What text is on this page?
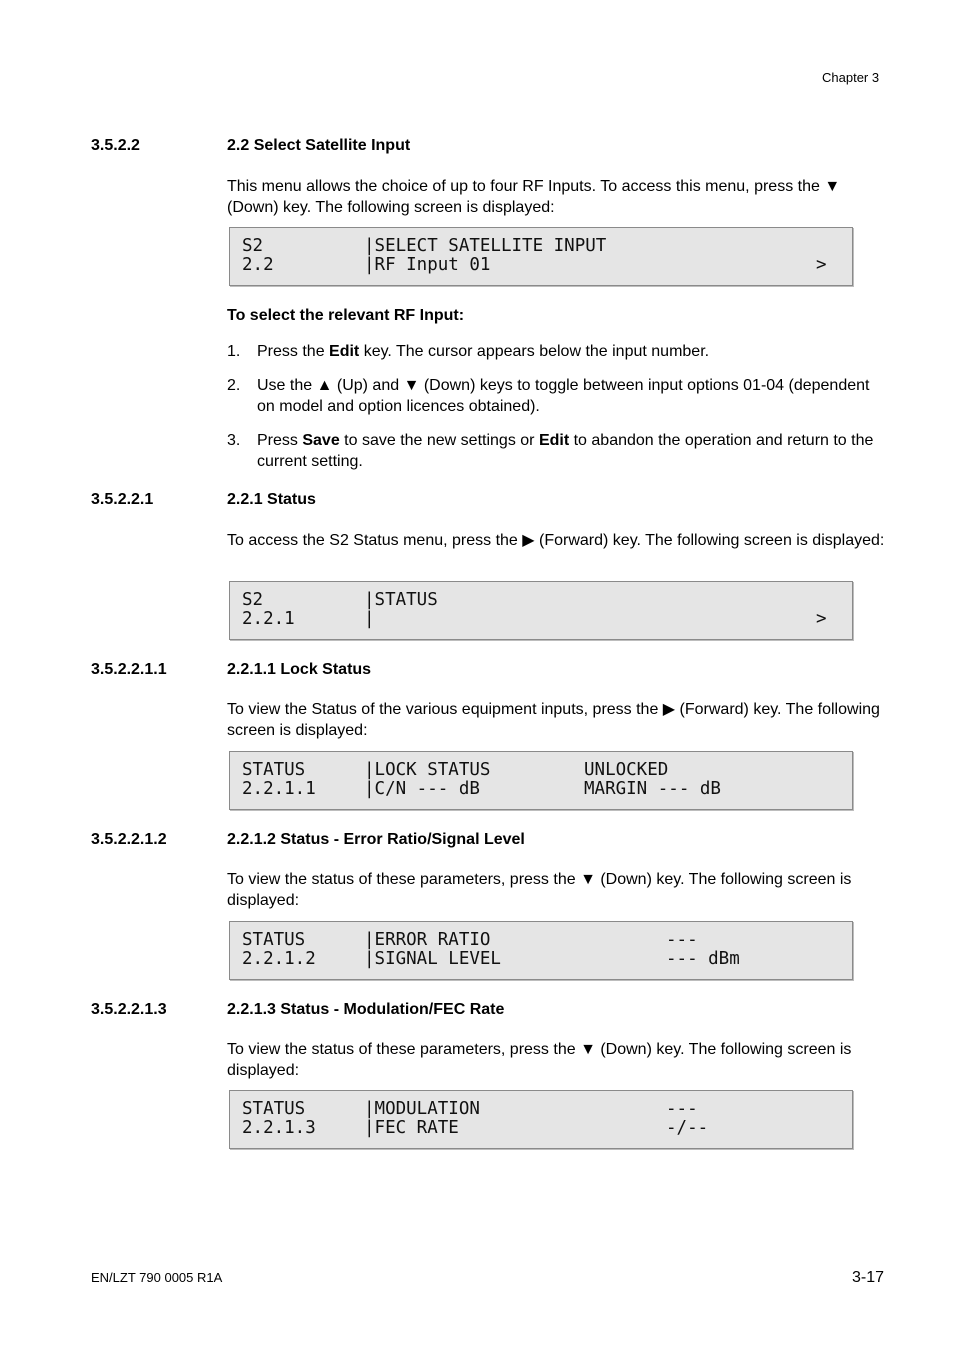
Chapter 3
3.5.2.2	2.2 Select Satellite Input
This menu allows the choice of up to four RF Inputs. To access this menu, press the ▼ (Down) key. The following screen is displayed:
S2	|SELECT SATELLITE INPUT
2.2	|RF Input 01	>
To select the relevant RF Input:
1. Press the Edit key. The cursor appears below the input number.
2. Use the ▲ (Up) and ▼ (Down) keys to toggle between input options 01-04 (dependent on model and option licences obtained).
3. Press Save to save the new settings or Edit to abandon the operation and return to the current setting.
3.5.2.2.1	2.2.1 Status
To access the S2 Status menu, press the ▶ (Forward) key. The following screen is displayed:
S2	|STATUS
2.2.1	|	>
3.5.2.2.1.1	2.2.1.1 Lock Status
To view the Status of the various equipment inputs, press the ▶ (Forward) key. The following screen is displayed:
STATUS	|LOCK STATUS	UNLOCKED
2.2.1.1	|C/N --- dB	MARGIN --- dB
3.5.2.2.1.2	2.2.1.2 Status - Error Ratio/Signal Level
To view the status of these parameters, press the ▼ (Down) key. The following screen is displayed:
STATUS	|ERROR RATIO	---
2.2.1.2	|SIGNAL LEVEL	--- dBm
3.5.2.2.1.3	2.2.1.3 Status - Modulation/FEC Rate
To view the status of these parameters, press the ▼ (Down) key. The following screen is displayed:
STATUS	|MODULATION	---
2.2.1.3	|FEC RATE	-/--
EN/LZT 790 0005 R1A	3-17
